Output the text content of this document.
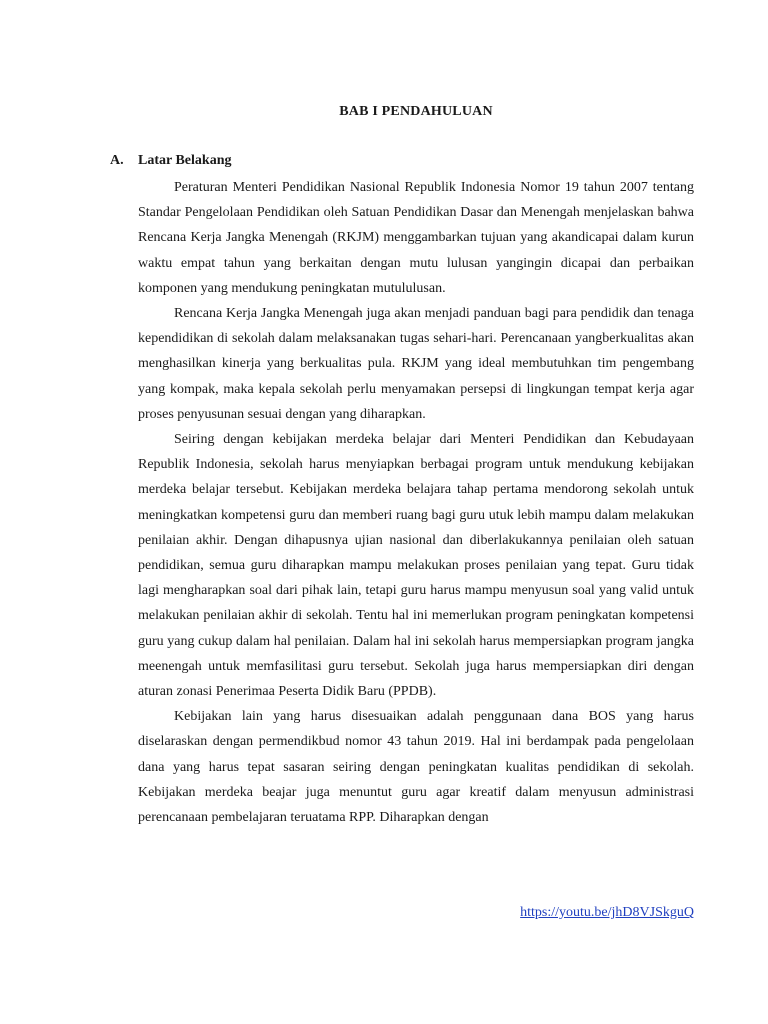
BAB I PENDAHULUAN
A. Latar Belakang

Peraturan Menteri Pendidikan Nasional Republik Indonesia Nomor 19 tahun 2007 tentang Standar Pengelolaan Pendidikan oleh Satuan Pendidikan Dasar dan Menengah menjelaskan bahwa Rencana Kerja Jangka Menengah (RKJM) menggambarkan tujuan yang akandicapai dalam kurun waktu empat tahun yang berkaitan dengan mutu lulusan yangingin dicapai dan perbaikan komponen yang mendukung peningkatan mutululusan.

Rencana Kerja Jangka Menengah juga akan menjadi panduan bagi para pendidik dan tenaga kependidikan di sekolah dalam melaksanakan tugas sehari-hari. Perencanaan yangberkualitas akan menghasilkan kinerja yang berkualitas pula. RKJM yang ideal membutuhkan tim pengembang yang kompak, maka kepala sekolah perlu menyamakan persepsi di lingkungan tempat kerja agar proses penyusunan sesuai dengan yang diharapkan.

Seiring dengan kebijakan merdeka belajar dari Menteri Pendidikan dan Kebudayaan Republik Indonesia, sekolah harus menyiapkan berbagai program untuk mendukung kebijakan merdeka belajar tersebut. Kebijakan merdeka belajara tahap pertama mendorong sekolah untuk meningkatkan kompetensi guru dan memberi ruang bagi guru utuk lebih mampu dalam melakukan penilaian akhir. Dengan dihapusnya ujian nasional dan diberlakukannya penilaian oleh satuan pendidikan, semua guru diharapkan mampu melakukan proses penilaian yang tepat. Guru tidak lagi mengharapkan soal dari pihak lain, tetapi guru harus mampu menyusun soal yang valid untuk melakukan penilaian akhir di sekolah. Tentu hal ini memerlukan program peningkatan kompetensi guru yang cukup dalam hal penilaian. Dalam hal ini sekolah harus mempersiapkan program jangka meenengah untuk memfasilitasi guru tersebut. Sekolah juga harus mempersiapkan diri dengan aturan zonasi Penerimaa Peserta Didik Baru (PPDB).

Kebijakan lain yang harus disesuaikan adalah penggunaan dana BOS yang harus diselaraskan dengan permendikbud nomor 43 tahun 2019. Hal ini berdampak pada pengelolaan dana yang harus tepat sasaran seiring dengan peningkatan kualitas pendidikan di sekolah. Kebijakan merdeka beajar juga menuntut guru agar kreatif dalam menyusun administrasi perencanaan pembelajaran teruatama RPP. Diharapkan dengan

https://youtu.be/jhD8VJSkguQ
